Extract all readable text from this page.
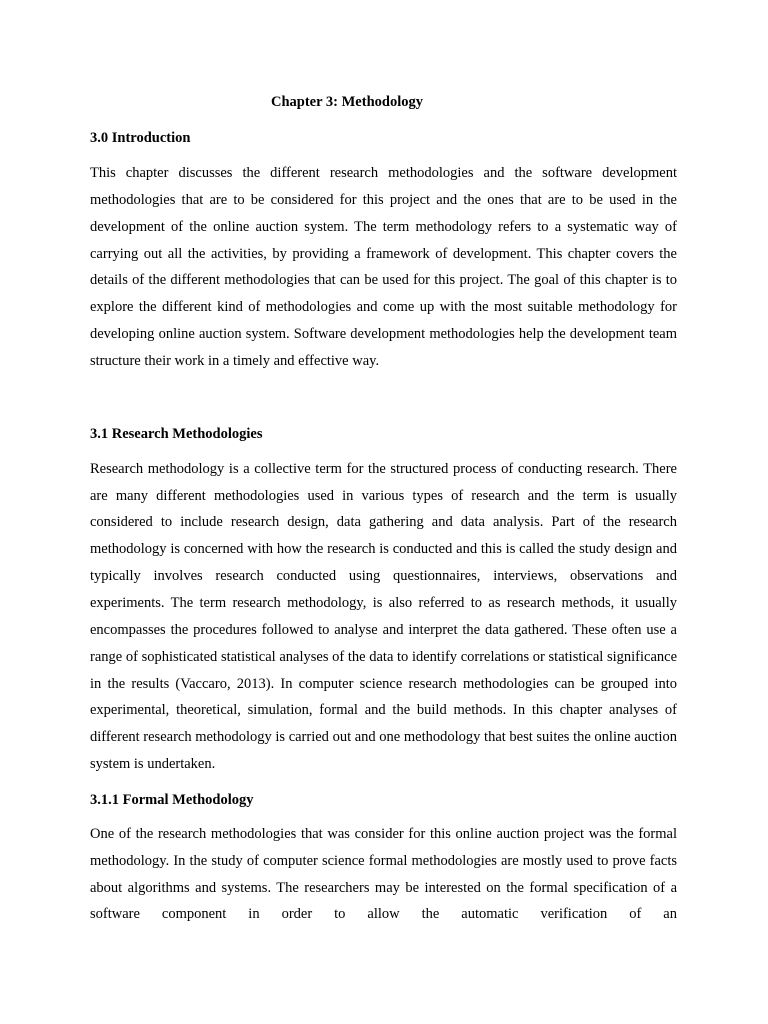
Chapter 3: Methodology

3.0 Introduction

This chapter discusses the different research methodologies and the software development methodologies that are to be considered for this project and the ones that are to be used in the development of the online auction system. The term methodology refers to a systematic way of carrying out all the activities, by providing a framework of development. This chapter covers the details of the different methodologies that can be used for this project. The goal of this chapter is to explore the different kind of methodologies and come up with the most suitable methodology for developing online auction system. Software development methodologies help the development team structure their work in a timely and effective way.

3.1 Research Methodologies

Research methodology is a collective term for the structured process of conducting research. There are many different methodologies used in various types of research and the term is usually considered to include research design, data gathering and data analysis. Part of the research methodology is concerned with how the research is conducted and this is called the study design and typically involves research conducted using questionnaires, interviews, observations and experiments. The term research methodology, is also referred to as research methods, it usually encompasses the procedures followed to analyse and interpret the data gathered. These often use a range of sophisticated statistical analyses of the data to identify correlations or statistical significance in the results (Vaccaro, 2013). In computer science research methodologies can be grouped into experimental, theoretical, simulation, formal and the build methods. In this chapter analyses of different research methodology is carried out and one methodology that best suites the online auction system is undertaken.

3.1.1 Formal Methodology

One of the research methodologies that was consider for this online auction project was the formal methodology. In the study of computer science formal methodologies are mostly used to prove facts about algorithms and systems. The researchers may be interested on the formal specification of a software component in order to allow the automatic verification of an
